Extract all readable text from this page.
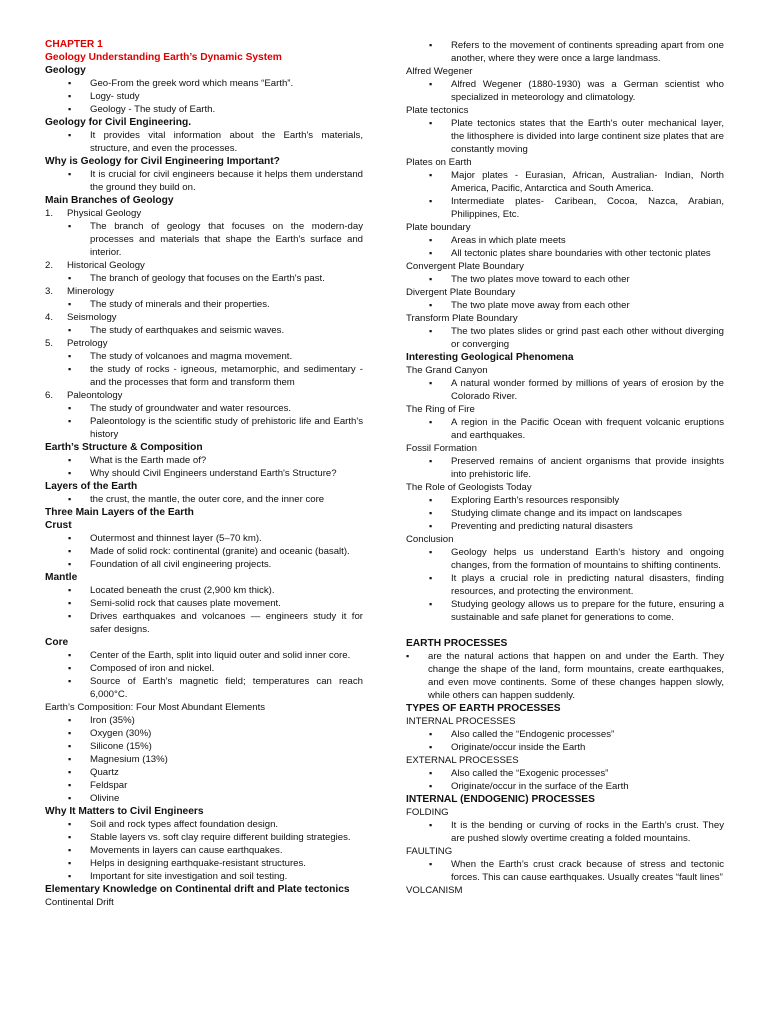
CHAPTER 1
Geology Understanding Earth’s Dynamic System
Geology
▪ Geo-From the greek word which means “Earth”.
▪ Logy- study
▪ Geology - The study of Earth.
Geology for Civil Engineering.
▪ It provides vital information about the Earth's materials, structure, and even the processes.
Why is Geology for Civil Engineering Important?
▪ It is crucial for civil engineers because it helps them understand the ground they build on.
Main Branches of Geology
1. Physical Geology
▪ The branch of geology that focuses on the modern-day processes and materials that shape the Earth's surface and interior.
2. Historical Geology
▪ The branch of geology that focuses on the Earth's past.
3. Minerology
▪ The study of minerals and their properties.
4. Seismology
▪ The study of earthquakes and seismic waves.
5. Petrology
▪ The study of volcanoes and magma movement.
▪ the study of rocks - igneous, metamorphic, and sedimentary - and the processes that form and transform them
6. Paleontology
▪ The study of groundwater and water resources.
▪ Paleontology is the scientific study of prehistoric life and Earth's history
Earth’s Structure & Composition
▪ What is the Earth made of?
▪ Why should Civil Engineers understand Earth's Structure?
Layers of the Earth
▪ the crust, the mantle, the outer core, and the inner core
Three Main Layers of the Earth
Crust
▪ Outermost and thinnest layer (5–70 km).
▪ Made of solid rock: continental (granite) and oceanic (basalt).
▪ Foundation of all civil engineering projects.
Mantle
▪ Located beneath the crust (2,900 km thick).
▪ Semi-solid rock that causes plate movement.
▪ Drives earthquakes and volcanoes — engineers study it for safer designs.
Core
▪ Center of the Earth, split into liquid outer and solid inner core.
▪ Composed of iron and nickel.
▪ Source of Earth’s magnetic field; temperatures can reach 6,000°C.
Earth’s Composition: Four Most Abundant Elements
▪ Iron (35%)
▪ Oxygen (30%)
▪ Silicone (15%)
▪ Magnesium (13%)
▪ Quartz
▪ Feldspar
▪ Olivine
Why It Matters to Civil Engineers
▪ Soil and rock types affect foundation design.
▪ Stable layers vs. soft clay require different building strategies.
▪ Movements in layers can cause earthquakes.
▪ Helps in designing earthquake-resistant structures.
▪ Important for site investigation and soil testing.
Elementary Knowledge on Continental drift and Plate tectonics
Continental Drift
▪ Refers to the movement of continents spreading apart from one another, where they were once a large landmass.
Alfred Wegener
▪ Alfred Wegener (1880-1930) was a German scientist who specialized in meteorology and climatology.
Plate tectonics
▪ Plate tectonics states that the Earth's outer mechanical layer, the lithosphere is divided into large continent size plates that are constantly moving
Plates on Earth
▪ Major plates - Eurasian, African, Australian- Indian, North America, Pacific, Antarctica and South America.
▪ Intermediate plates- Caribean, Cocoa, Nazca, Arabian, Philippines, Etc.
Plate boundary
▪ Areas in which plate meets
▪ All tectonic plates share boundaries with other tectonic plates
Convergent Plate Boundary
▪ The two plates move toward to each other
Divergent Plate Boundary
▪ The two plate move away from each other
Transform Plate Boundary
▪ The two plates slides or grind past each other without diverging or converging
Interesting Geological Phenomena
The Grand Canyon
▪ A natural wonder formed by millions of years of erosion by the Colorado River.
The Ring of Fire
▪ A region in the Pacific Ocean with frequent volcanic eruptions and earthquakes.
Fossil Formation
▪ Preserved remains of ancient organisms that provide insights into prehistoric life.
The Role of Geologists Today
▪ Exploring Earth's resources responsibly
▪ Studying climate change and its impact on landscapes
▪ Preventing and predicting natural disasters
Conclusion
▪ Geology helps us understand Earth’s history and ongoing changes, from the formation of mountains to shifting continents.
▪ It plays a crucial role in predicting natural disasters, finding resources, and protecting the environment.
▪ Studying geology allows us to prepare for the future, ensuring a sustainable and safe planet for generations to come.
EARTH PROCESSES
▪ are the natural actions that happen on and under the Earth. They change the shape of the land, form mountains, create earthquakes, and even move continents. Some of these changes happen slowly, while others can happen suddenly.
TYPES OF EARTH PROCESSES
INTERNAL PROCESSES
▪ Also called the “Endogenic processes”
▪ Originate/occur inside the Earth
EXTERNAL PROCESSES
▪ Also called the “Exogenic processes”
▪ Originate/occur in the surface of the Earth
INTERNAL (ENDOGENIC) PROCESSES
FOLDING
▪ It is the bending or curving of rocks in the Earth’s crust. They are pushed slowly overtime creating a folded mountains.
FAULTING
▪ When the Earth’s crust crack because of stress and tectonic forces. This can cause earthquakes. Usually creates “fault lines”
VOLCANISM
